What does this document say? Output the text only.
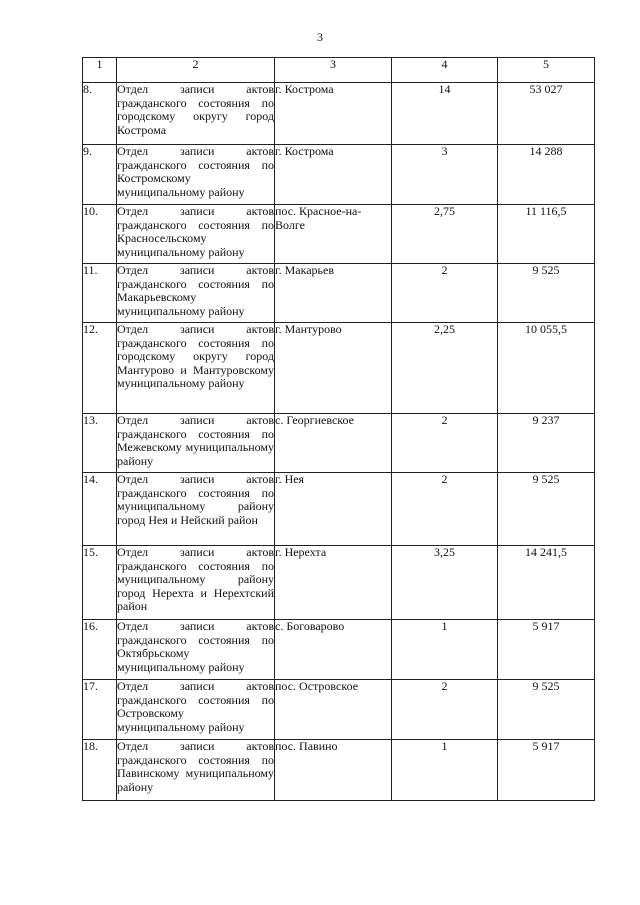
3
1	2	3	4	5
8.	Отдел записи актов гражданского состояния по городскому округу город Кострома	г. Кострома	14	53 027
9.	Отдел записи актов гражданского состояния по Костромскому муниципальному району	г. Кострома	3	14 288
10.	Отдел записи актов гражданского состояния по Красносельскому муниципальному району	пос. Красное-на-Волге	2,75	11 116,5
11.	Отдел записи актов гражданского состояния по Макарьевскому муниципальному району	г. Макарьев	2	9 525
12.	Отдел записи актов гражданского состояния по городскому округу город Мантурово и Мантуровскому муниципальному району	г. Мантурово	2,25	10 055,5
13.	Отдел записи актов гражданского состояния по Межевскому муниципальному району	с. Георгиевское	2	9 237
14.	Отдел записи актов гражданского состояния по муниципальному району город Нея и Нейский район	г. Нея	2	9 525
15.	Отдел записи актов гражданского состояния по муниципальному району город Нерехта и Нерехтский район	г. Нерехта	3,25	14 241,5
16.	Отдел записи актов гражданского состояния по Октябрьскому муниципальному району	с. Боговарово	1	5 917
17.	Отдел записи актов гражданского состояния по Островскому муниципальному району	пос. Островское	2	9 525
18.	Отдел записи актов гражданского состояния по Павинскому муниципальному району	пос. Павино	1	5 917
